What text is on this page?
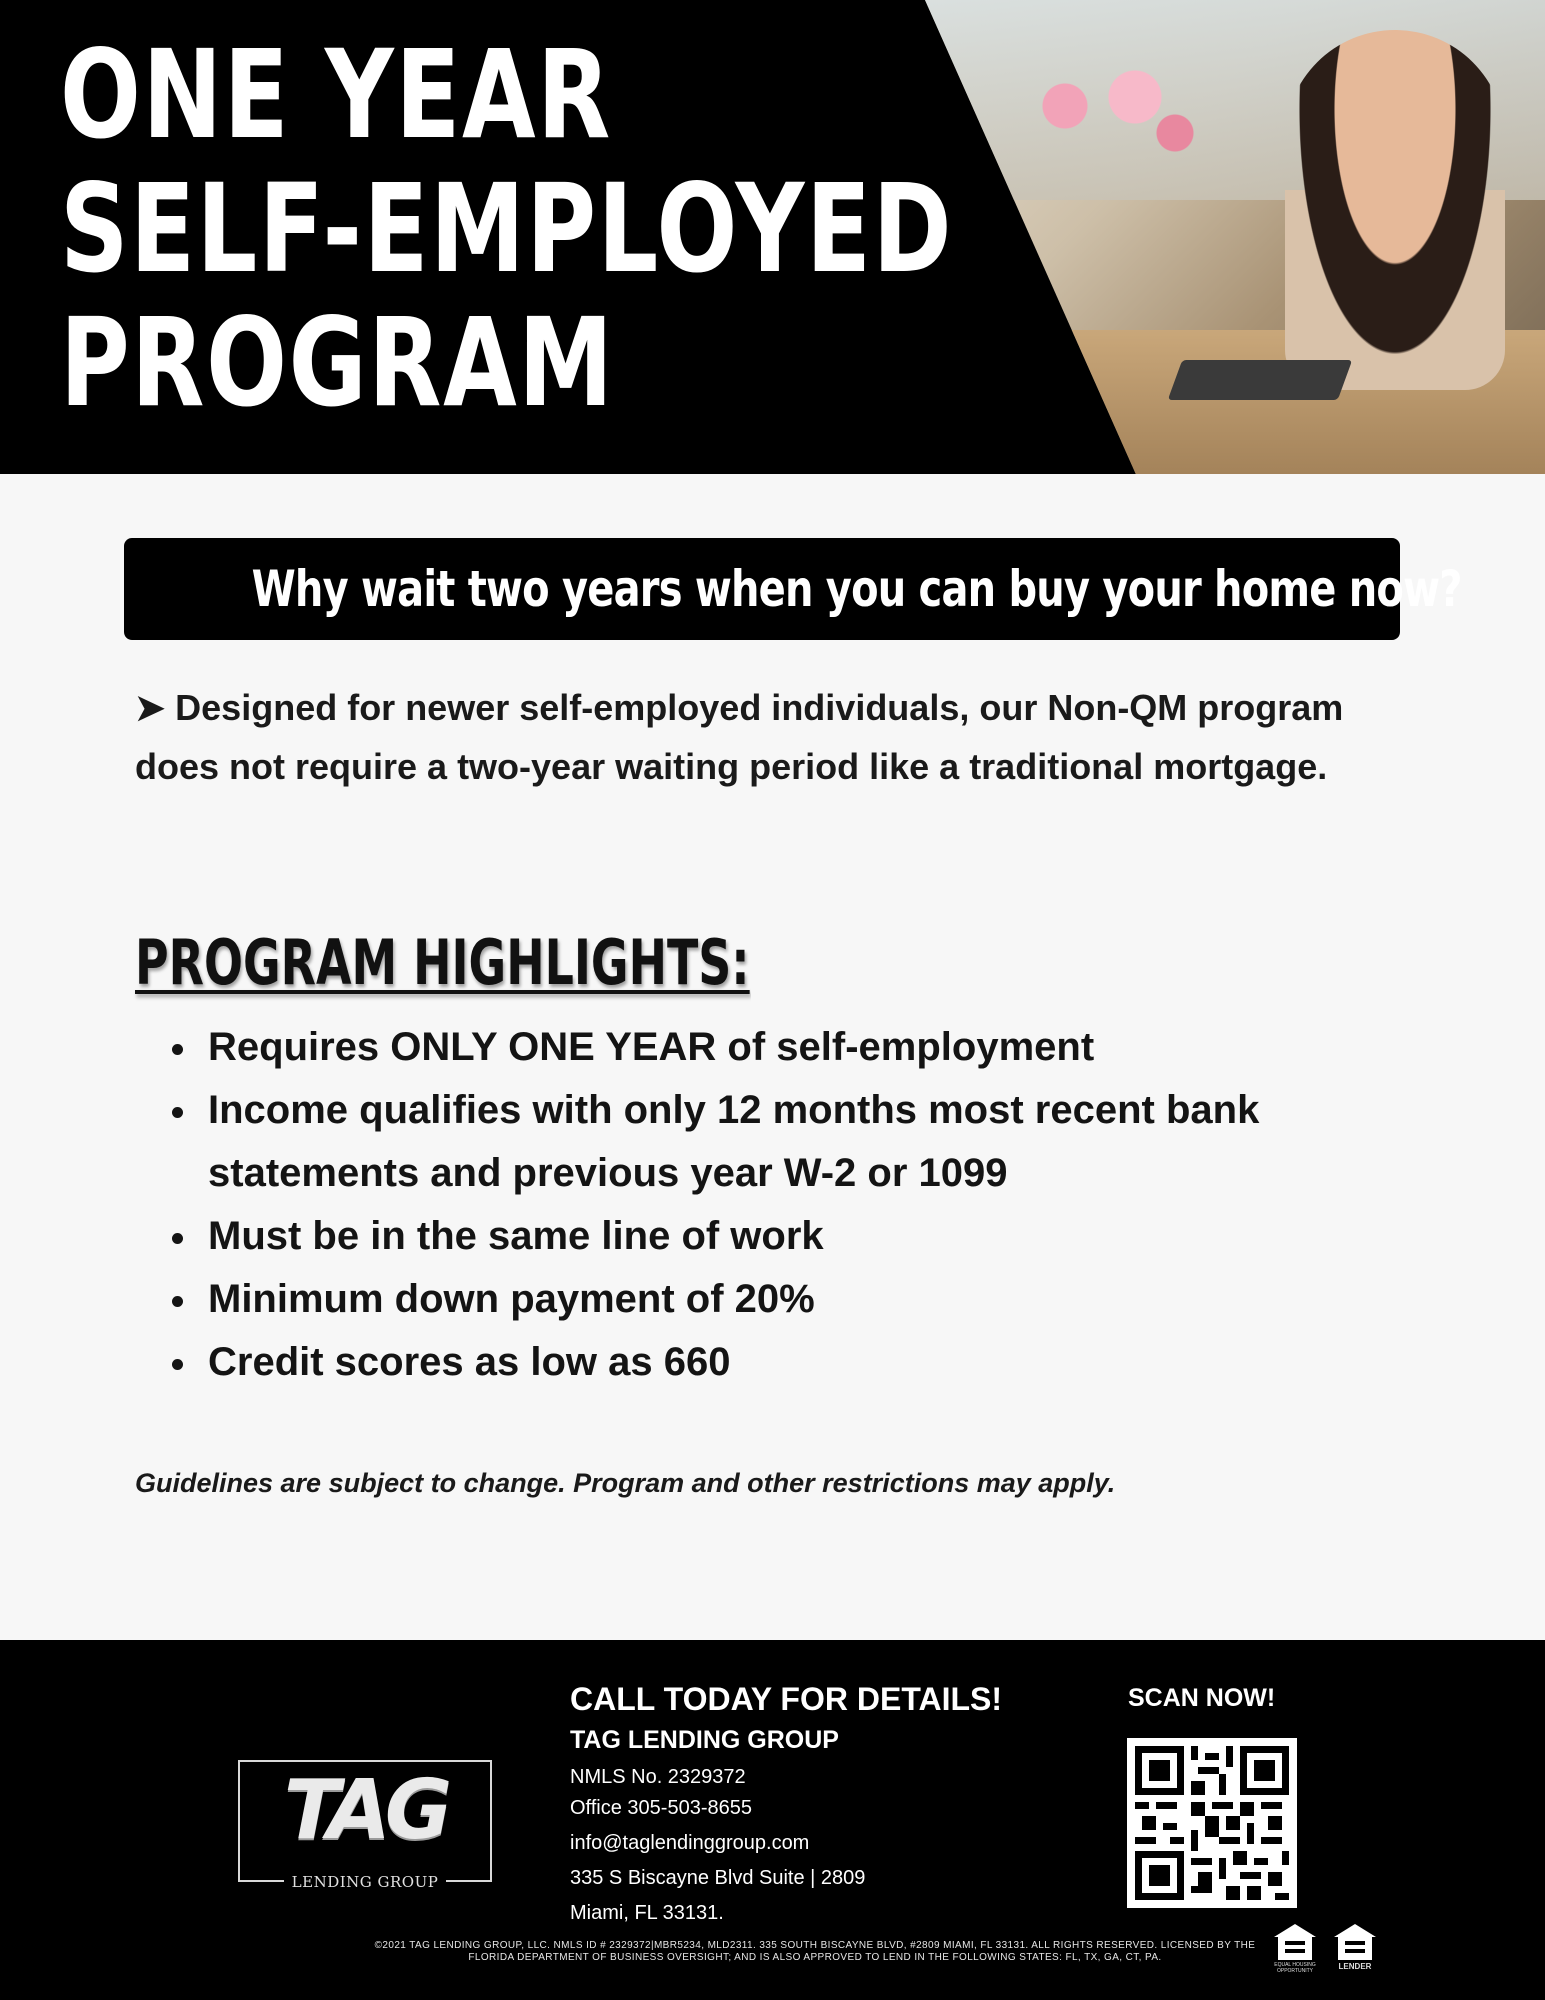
ONE YEAR
SELF-EMPLOYED
PROGRAM
Why wait two years when you can buy your home now?

➤ Designed for newer self-employed individuals, our Non-QM program does not require a two-year waiting period like a traditional mortgage.

PROGRAM HIGHLIGHTS:
Requires ONLY ONE YEAR of self-employment
Income qualifies with only 12 months most recent bank statements and previous year W-2 or 1099
Must be in the same line of work
Minimum down payment of 20%
Credit scores as low as 660

Guidelines are subject to change. Program and other restrictions may apply.

TAG
LENDING GROUP

CALL TODAY FOR DETAILS!

TAG LENDING GROUP

NMLS No. 2329372

Office 305-503-8655

info@taglendinggroup.com

335 S Biscayne Blvd Suite | 2809

Miami, FL 33131.

SCAN NOW!

©2021 TAG LENDING GROUP, LLC. NMLS ID # 2329372|MBR5234, MLD2311. 335 SOUTH BISCAYNE BLVD, #2809 MIAMI, FL 33131. ALL RIGHTS RESERVED. LICENSED BY THE FLORIDA DEPARTMENT OF BUSINESS OVERSIGHT; AND IS ALSO APPROVED TO LEND IN THE FOLLOWING STATES: FL, TX, GA, CT, PA.

EQUAL HOUSING OPPORTUNITY	LENDER
